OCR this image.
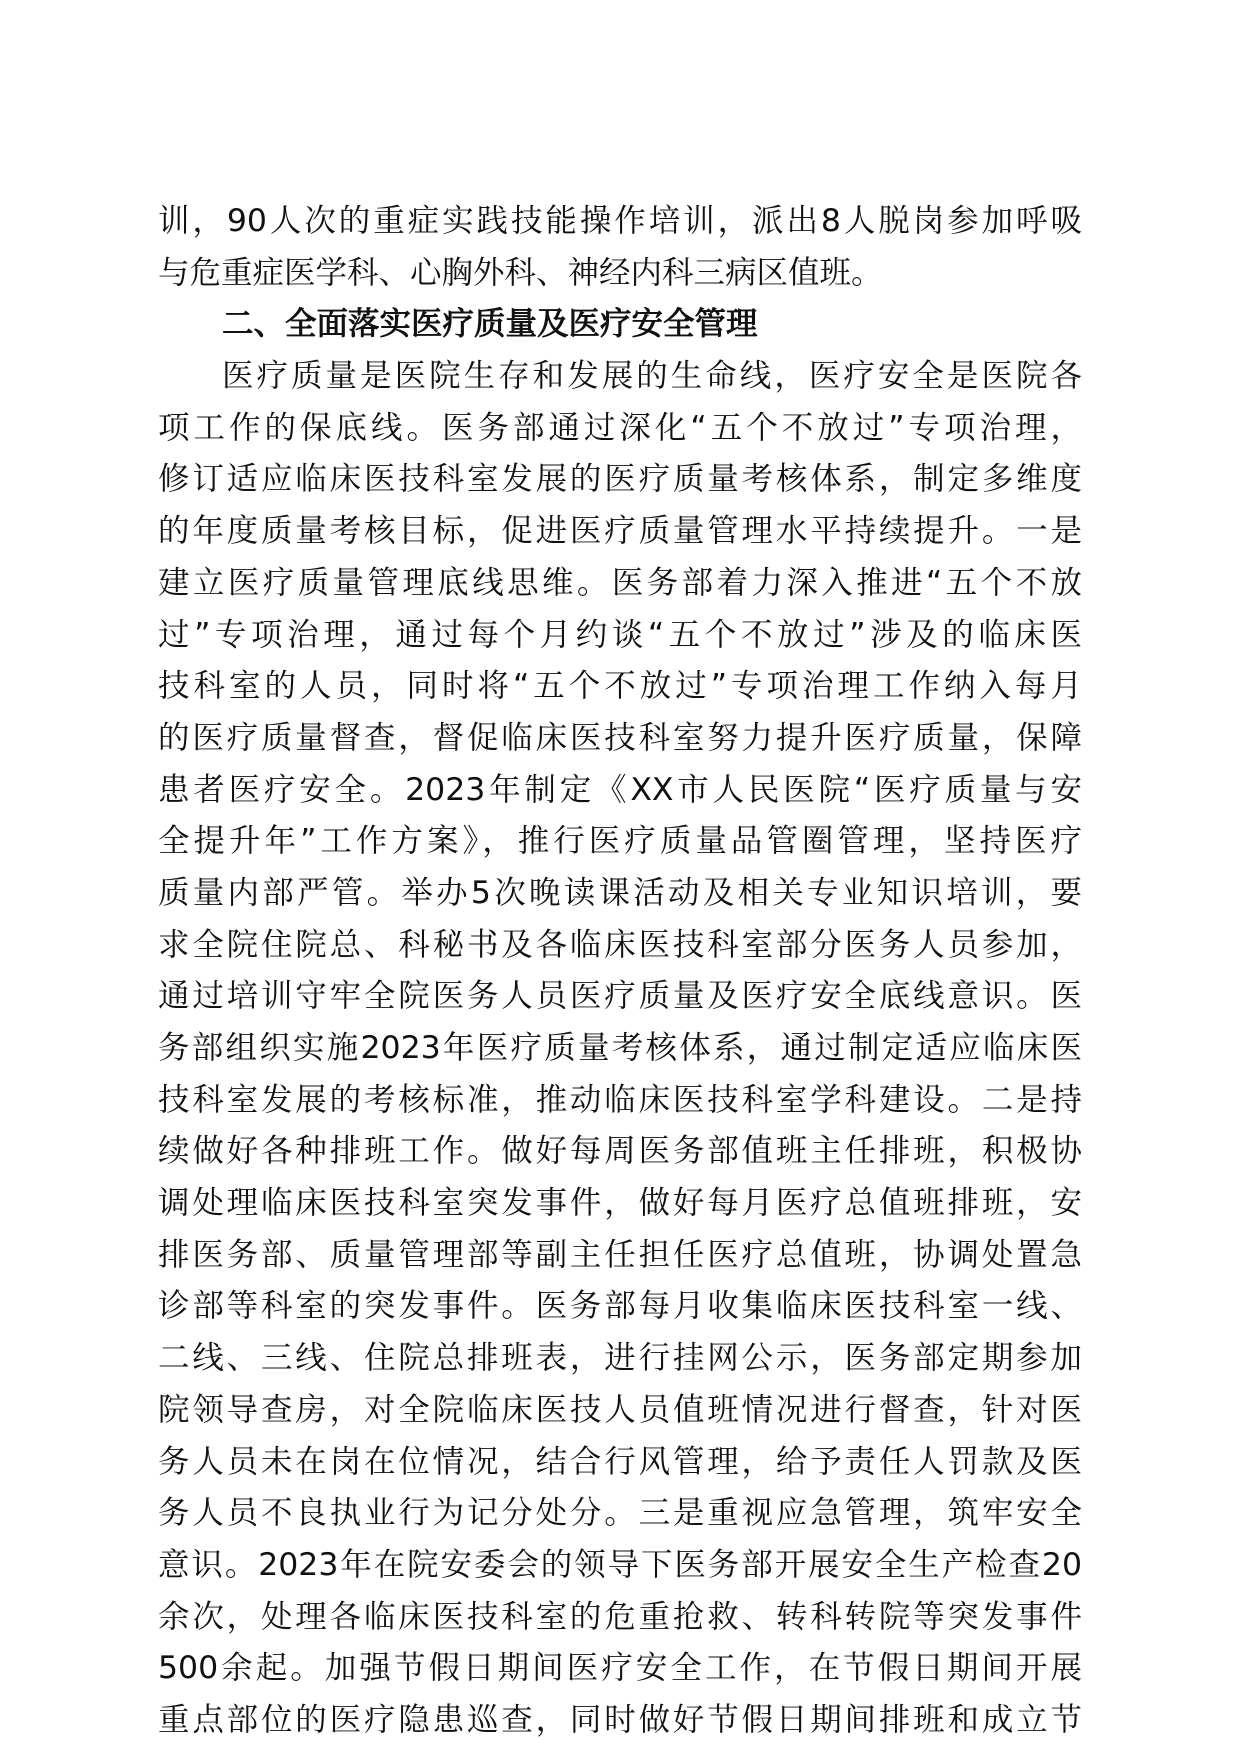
训，90人次的重症实践技能操作培训，派出8人脱岗参加呼吸
与危重症医学科、心胸外科、神经内科三病区值班。
二、全面落实医疗质量及医疗安全管理
医疗质量是医院生存和发展的生命线，医疗安全是医院各
项工作的保底线。医务部通过深化“五个不放过”专项治理，
修订适应临床医技科室发展的医疗质量考核体系，制定多维度
的年度质量考核目标，促进医疗质量管理水平持续提升。一是
建立医疗质量管理底线思维。医务部着力深入推进“五个不放
过”专项治理，通过每个月约谈“五个不放过”涉及的临床医
技科室的人员，同时将“五个不放过”专项治理工作纳入每月
的医疗质量督查，督促临床医技科室努力提升医疗质量，保障
患者医疗安全。2023年制定《XX市人民医院“医疗质量与安
全提升年”工作方案》，推行医疗质量品管圈管理，坚持医疗
质量内部严管。举办5次晚读课活动及相关专业知识培训，要
求全院住院总、科秘书及各临床医技科室部分医务人员参加，
通过培训守牢全院医务人员医疗质量及医疗安全底线意识。医
务部组织实施2023年医疗质量考核体系，通过制定适应临床医
技科室发展的考核标准，推动临床医技科室学科建设。二是持
续做好各种排班工作。做好每周医务部值班主任排班，积极协
调处理临床医技科室突发事件，做好每月医疗总值班排班，安
排医务部、质量管理部等副主任担任医疗总值班，协调处置急
诊部等科室的突发事件。医务部每月收集临床医技科室一线、
二线、三线、住院总排班表，进行挂网公示，医务部定期参加
院领导查房，对全院临床医技人员值班情况进行督查，针对医
务人员未在岗在位情况，结合行风管理，给予责任人罚款及医
务人员不良执业行为记分处分。三是重视应急管理，筑牢安全
意识。2023年在院安委会的领导下医务部开展安全生产检查20
余次，处理各临床医技科室的危重抢救、转科转院等突发事件
500余起。加强节假日期间医疗安全工作，在节假日期间开展
重点部位的医疗隐患巡查，同时做好节假日期间排班和成立节
